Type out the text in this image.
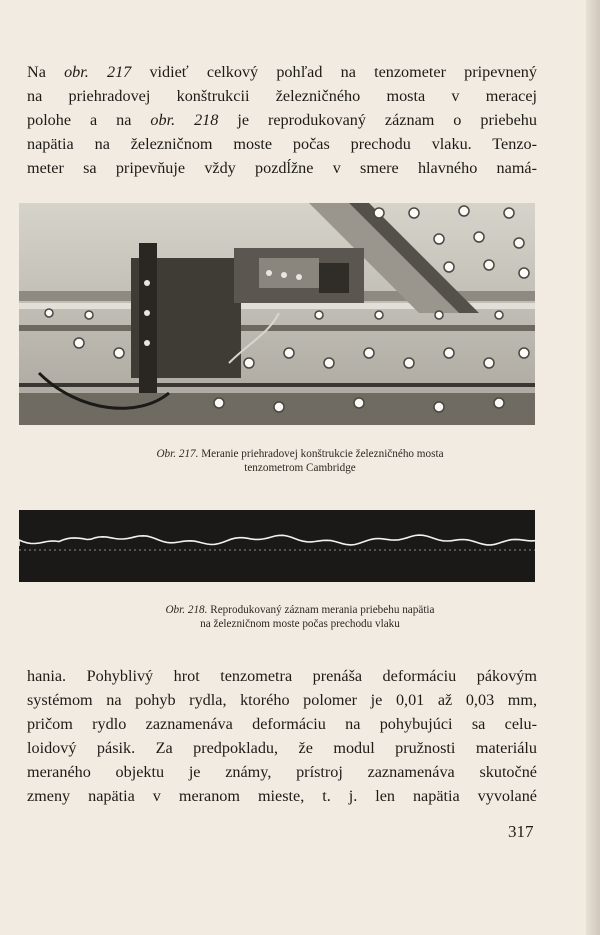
Na obr. 217 vidieť celkový pohľad na tenzometer pripevnený
na priehradovej konštrukcii železničného mosta v meracej
polohe a na obr. 218 je reprodukovaný záznam o priebehu
napätia na železničnom moste počas prechodu vlaku. Tenzo-
meter sa pripevňuje vždy pozdĺžne v smere hlavného namá-

Obr. 217. Meranie priehradovej konštrukcie železničného mosta
tenzometrom Cambridge
Obr. 218. Reprodukovaný záznam merania priebehu napätia
na železničnom moste počas prechodu vlaku

hania. Pohyblivý hrot tenzometra prenáša deformáciu pákovým
systémom na pohyb rydla, ktorého polomer je 0,01 až 0,03 mm,
pričom rydlo zaznamenáva deformáciu na pohybujúci sa celu-
loidový pásik. Za predpokladu, že modul pružnosti materiálu
meraného objektu je známy, prístroj zaznamenáva skutočné
zmeny napätia v meranom mieste, t. j. len napätia vyvolané

317
